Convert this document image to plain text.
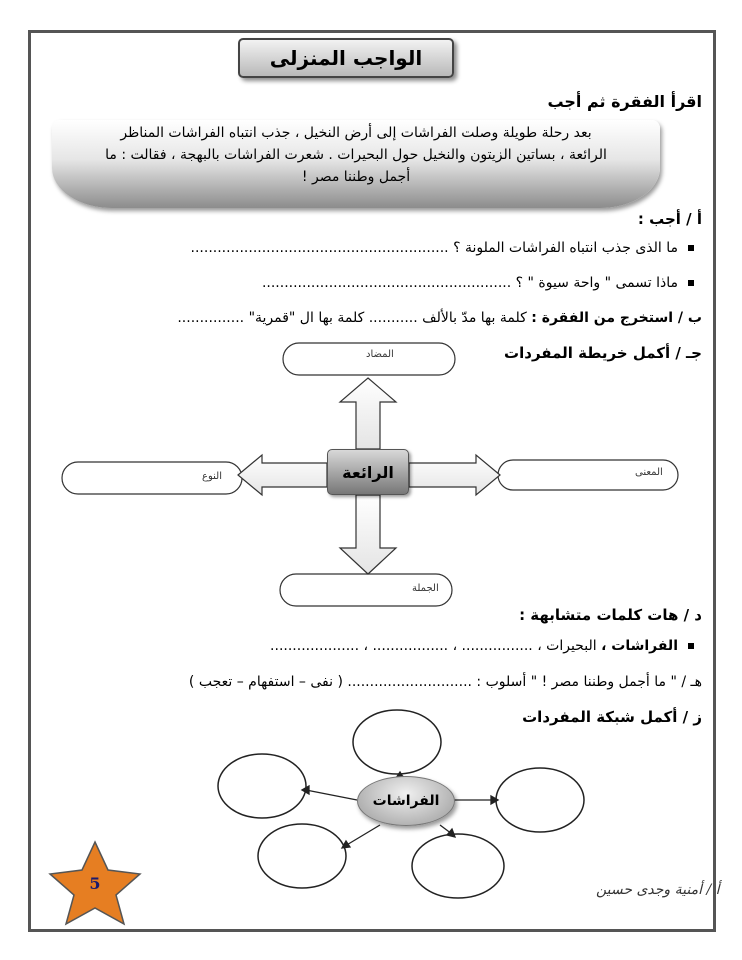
الواجب المنزلى
اقرأ الفقرة ثم أجب
بعد رحلة طويلة وصلت الفراشات إلى أرض النخيل ، جذب انتباه الفراشات المناظر
الرائعة ، بساتين الزيتون والنخيل حول البحيرات . شعرت الفراشات بالبهجة ، فقالت : ما
أجمل وطننا مصر !
أ / أجب :
ما الذى جذب انتباه الفراشات الملونة ؟ ..........................................................
ماذا تسمى " واحة سيوة " ؟ ........................................................
ب / استخرج من الفقرة : كلمة بها مدّ بالألف ........... كلمة بها ال "قمرية" ...............
جـ / أكمل خريطة المفردات
المضاد
المعنى
النوع
الجملة
الرائعة
د / هات كلمات متشابهة :
الفراشات ، البحيرات ، ................ ، ................. ، ....................
هـ / " ما أجمل وطننا مصر ! " أسلوب : ............................ ( نفى – استفهام – تعجب )
ز / أكمل شبكة المفردات
الفراشات
5	أ / أمنية وجدى حسين
